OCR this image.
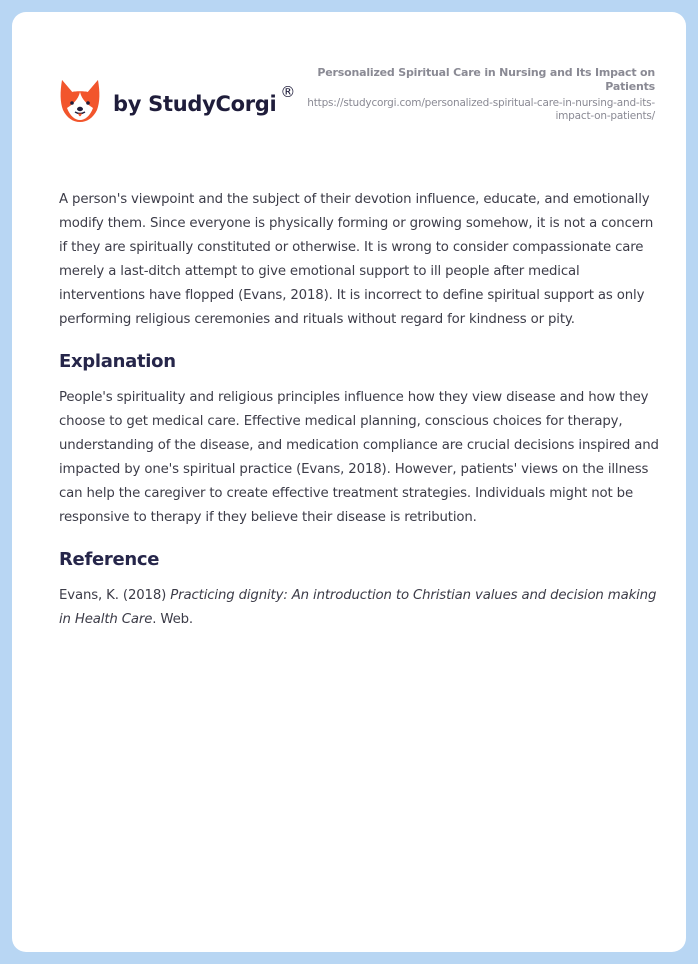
by StudyCorgi ®
Personalized Spiritual Care in Nursing and Its Impact on Patients
https://studycorgi.com/personalized-spiritual-care-in-nursing-and-its-impact-on-patients/

A person's viewpoint and the subject of their devotion influence, educate, and emotionally modify them. Since everyone is physically forming or growing somehow, it is not a concern if they are spiritually constituted or otherwise. It is wrong to consider compassionate care merely a last-ditch attempt to give emotional support to ill people after medical interventions have flopped (Evans, 2018). It is incorrect to define spiritual support as only performing religious ceremonies and rituals without regard for kindness or pity.

Explanation

People's spirituality and religious principles influence how they view disease and how they choose to get medical care. Effective medical planning, conscious choices for therapy, understanding of the disease, and medication compliance are crucial decisions inspired and impacted by one's spiritual practice (Evans, 2018). However, patients' views on the illness can help the caregiver to create effective treatment strategies. Individuals might not be responsive to therapy if they believe their disease is retribution.

Reference

Evans, K. (2018) Practicing dignity: An introduction to Christian values and decision making in Health Care. Web.
